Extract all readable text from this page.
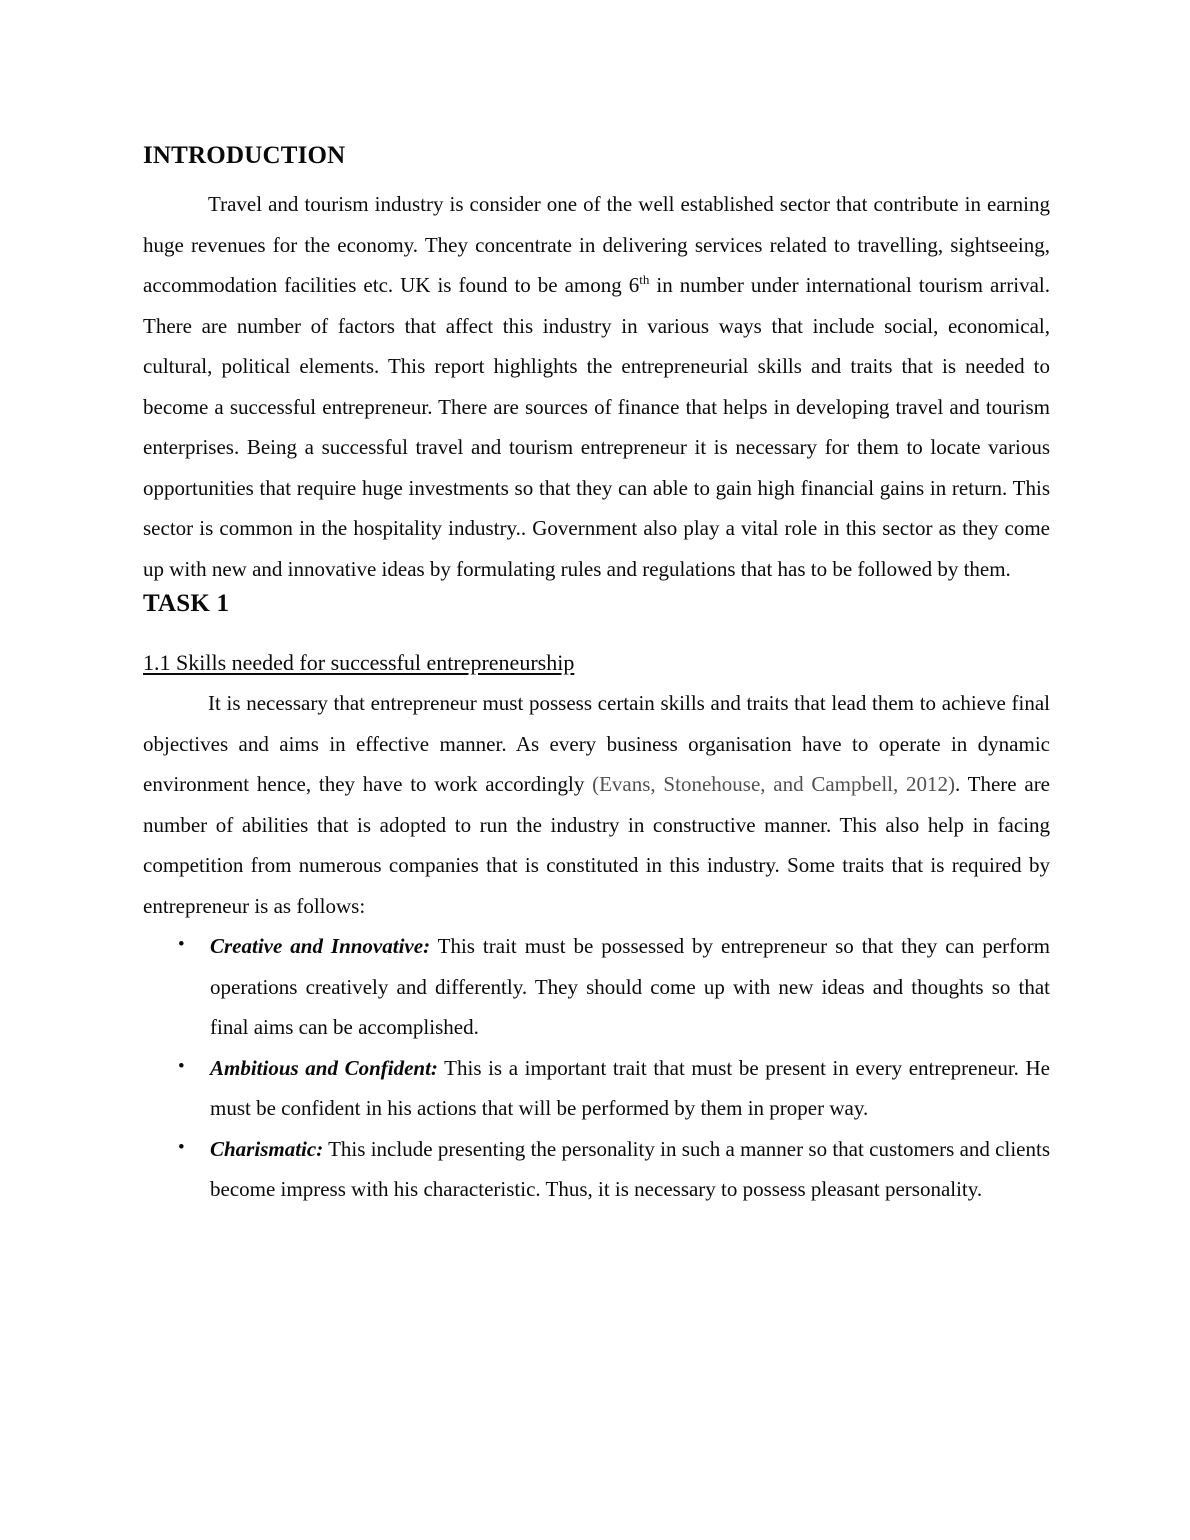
INTRODUCTION

Travel and tourism industry is consider one of the well established sector that contribute in earning huge revenues for the economy. They concentrate in delivering services related to travelling, sightseeing, accommodation facilities etc. UK is found to be among 6th in number under international tourism arrival. There are number of factors that affect this industry in various ways that include social, economical, cultural, political elements. This report highlights the entrepreneurial skills and traits that is needed to become a successful entrepreneur. There are sources of finance that helps in developing travel and tourism enterprises. Being a successful travel and tourism entrepreneur it is necessary for them to locate various opportunities that require huge investments so that they can able to gain high financial gains in return. This sector is common in the hospitality industry.. Government also play a vital role in this sector as they come up with new and innovative ideas by formulating rules and regulations that has to be followed by them.

TASK 1
1.1 Skills needed for successful entrepreneurship

It is necessary that entrepreneur must possess certain skills and traits that lead them to achieve final objectives and aims in effective manner. As every business organisation have to operate in dynamic environment hence, they have to work accordingly (Evans, Stonehouse, and Campbell, 2012). There are number of abilities that is adopted to run the industry in constructive manner. This also help in facing competition from numerous companies that is constituted in this industry. Some traits that is required by entrepreneur is as follows:

• Creative and Innovative: This trait must be possessed by entrepreneur so that they can perform operations creatively and differently. They should come up with new ideas and thoughts so that final aims can be accomplished.
• Ambitious and Confident: This is a important trait that must be present in every entrepreneur. He must be confident in his actions that will be performed by them in proper way.
• Charismatic: This include presenting the personality in such a manner so that customers and clients become impress with his characteristic. Thus, it is necessary to possess pleasant personality.
